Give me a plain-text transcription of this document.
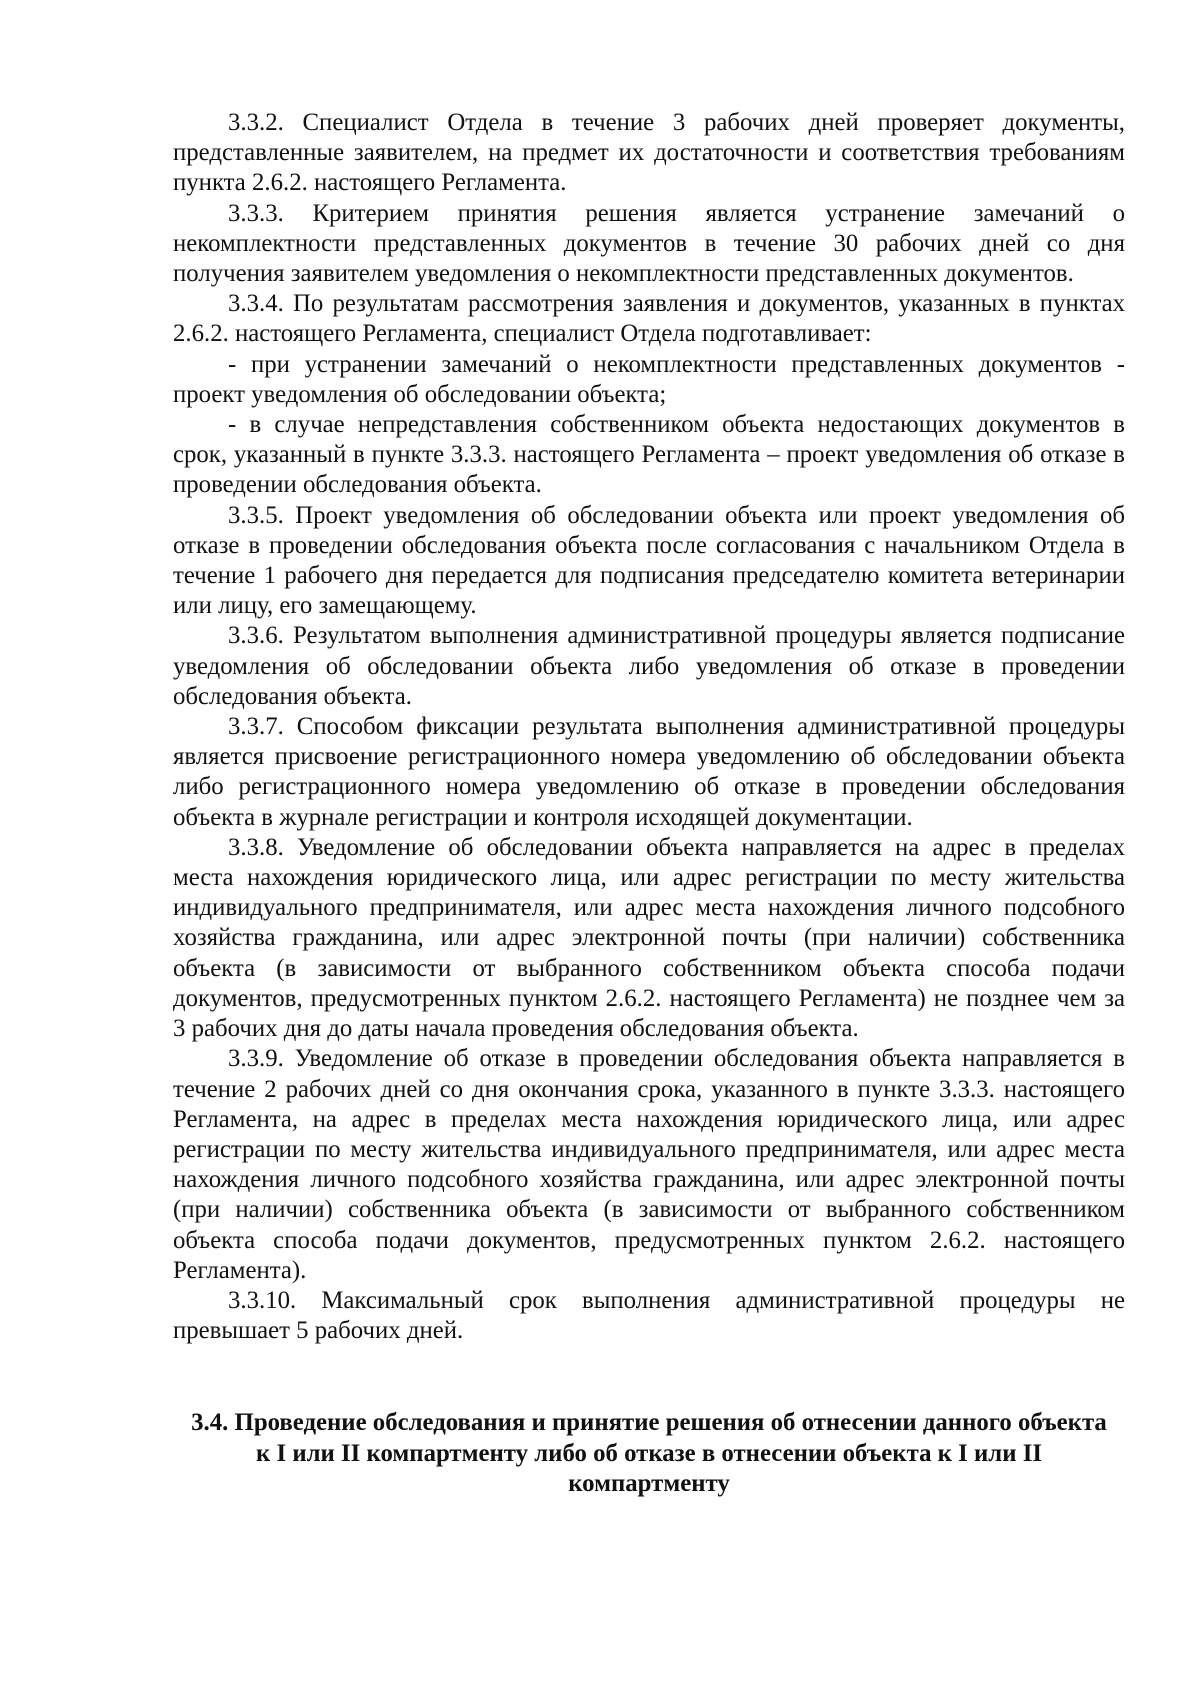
3.3.2. Специалист Отдела в течение 3 рабочих дней проверяет документы, представленные заявителем, на предмет их достаточности и соответствия требованиям пункта 2.6.2. настоящего Регламента.

3.3.3. Критерием принятия решения является устранение замечаний о некомплектности представленных документов в течение 30 рабочих дней со дня получения заявителем уведомления о некомплектности представленных документов.

3.3.4. По результатам рассмотрения заявления и документов, указанных в пунктах 2.6.2. настоящего Регламента, специалист Отдела подготавливает:

- при устранении замечаний о некомплектности представленных документов - проект уведомления об обследовании объекта;

- в случае непредставления собственником объекта недостающих документов в срок, указанный в пункте 3.3.3. настоящего Регламента – проект уведомления об отказе в проведении обследования объекта.

3.3.5. Проект уведомления об обследовании объекта или проект уведомления об отказе в проведении обследования объекта после согласования с начальником Отдела в течение 1 рабочего дня передается для подписания председателю комитета ветеринарии или лицу, его замещающему.

3.3.6. Результатом выполнения административной процедуры является подписание уведомления об обследовании объекта либо уведомления об отказе в проведении обследования объекта.

3.3.7. Способом фиксации результата выполнения административной процедуры является присвоение регистрационного номера уведомлению об обследовании объекта либо регистрационного номера уведомлению об отказе в проведении обследования объекта в журнале регистрации и контроля исходящей документации.

3.3.8. Уведомление об обследовании объекта направляется на адрес в пределах места нахождения юридического лица, или адрес регистрации по месту жительства индивидуального предпринимателя, или адрес места нахождения личного подсобного хозяйства гражданина, или адрес электронной почты (при наличии) собственника объекта (в зависимости от выбранного собственником объекта способа подачи документов, предусмотренных пунктом 2.6.2. настоящего Регламента) не позднее чем за 3 рабочих дня до даты начала проведения обследования объекта.

3.3.9. Уведомление об отказе в проведении обследования объекта направляется в течение 2 рабочих дней со дня окончания срока, указанного в пункте 3.3.3. настоящего Регламента, на адрес в пределах места нахождения юридического лица, или адрес регистрации по месту жительства индивидуального предпринимателя, или адрес места нахождения личного подсобного хозяйства гражданина, или адрес электронной почты (при наличии) собственника объекта (в зависимости от выбранного собственником объекта способа подачи документов, предусмотренных пунктом 2.6.2. настоящего Регламента).

3.3.10. Максимальный срок выполнения административной процедуры не превышает 5 рабочих дней.

3.4. Проведение обследования и принятие решения об отнесении данного объекта к I или II компартменту либо об отказе в отнесении объекта к I или II компартменту
